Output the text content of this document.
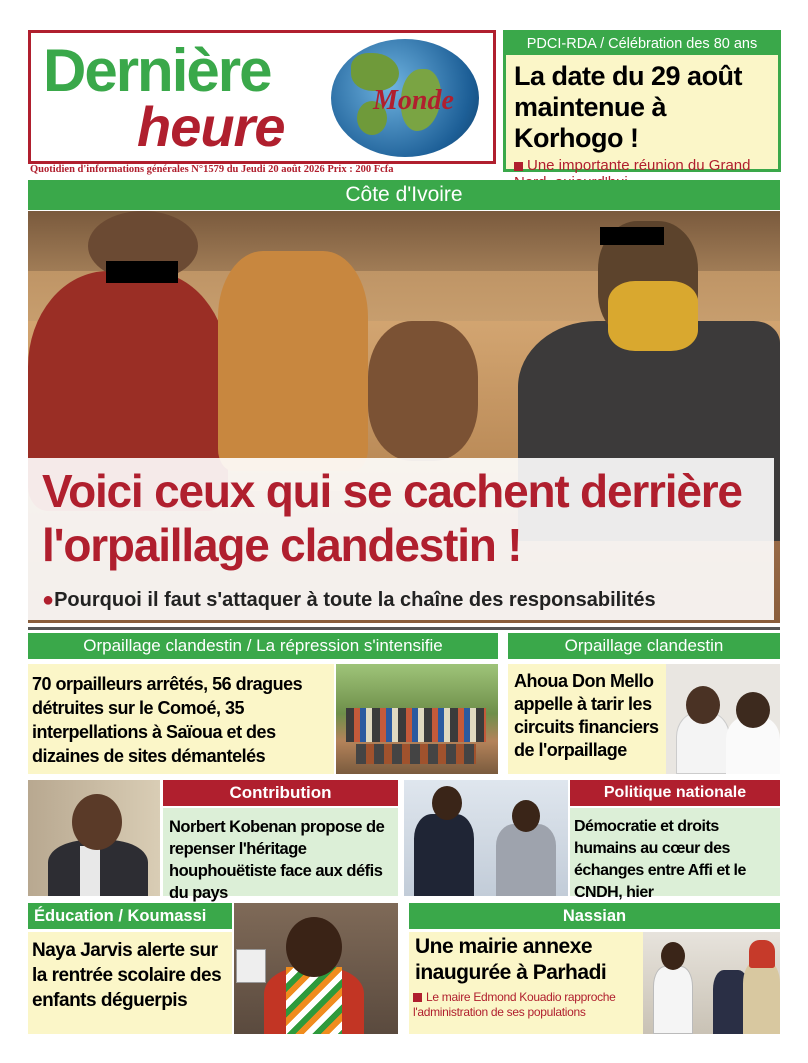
Dernière
heure	Monde
Quotidien d'informations générales N°1579 du Jeudi 20 août 2026 Prix : 200 Fcfa
PDCI-RDA / Célébration des 80 ans
La date du 29 août maintenue à Korhogo !
Une importante réunion du Grand
Côte d'Ivoire
Voici ceux qui se cachent derrière l'orpaillage clandestin !
●Pourquoi il faut s'attaquer à toute la chaîne des responsabilités
Orpaillage clandestin / La répression s'intensifie
70 orpailleurs arrêtés, 56 dragues détruites sur le Comoé, 35 interpellations à Saïoua et des dizaines de sites démantelés
Orpaillage clandestin
Ahoua Don Mello appelle à tarir les circuits financiers de l'orpaillage
Contribution
Norbert Kobenan propose de repenser l'héritage houphouëtiste face aux défis du pays
Politique nationale
Démocratie et droits humains au cœur des échanges entre Affi et le CNDH, hier
Éducation / Koumassi
Naya Jarvis alerte sur la rentrée scolaire des enfants déguerpis
Nassian
Une mairie annexe inaugurée à Parhadi
Le maire Edmond Kouadio rapproche l'administration de ses populations
